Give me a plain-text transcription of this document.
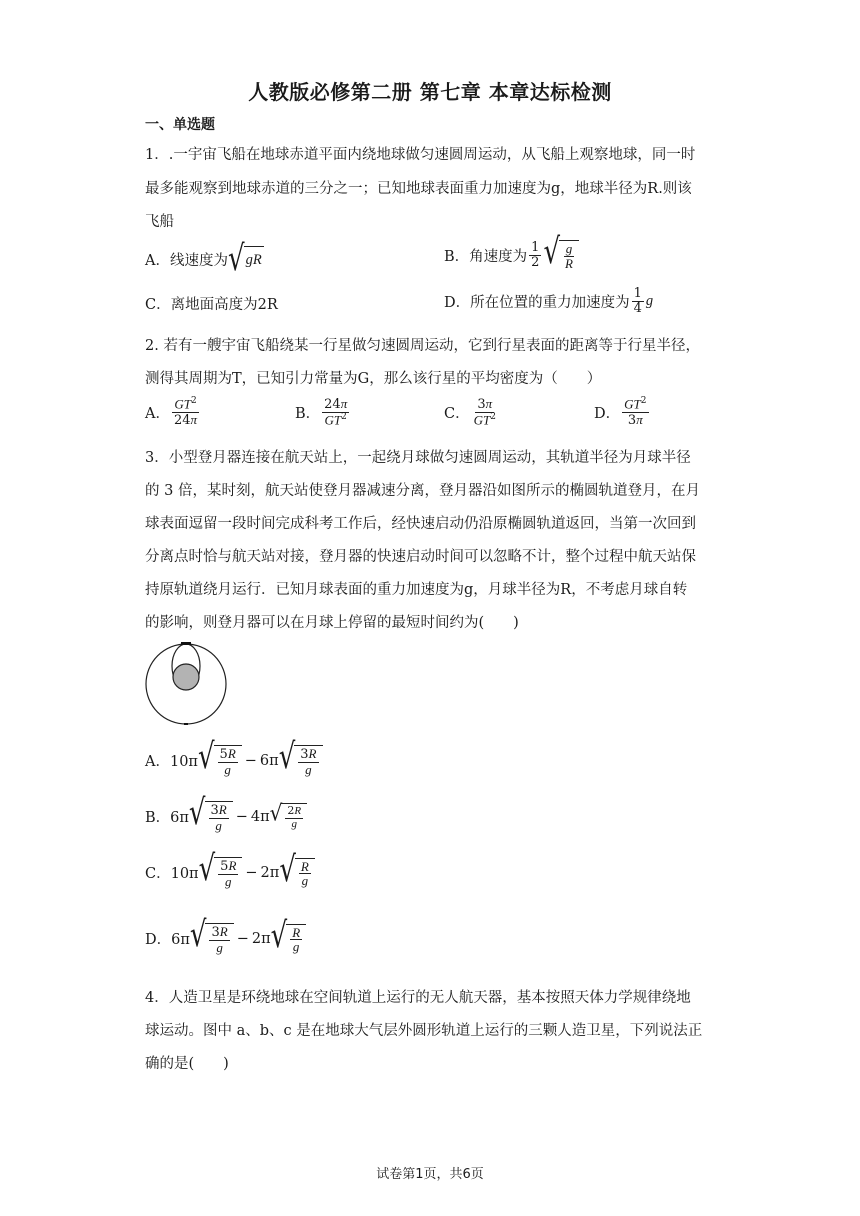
人教版必修第二册 第七章 本章达标检测
一、单选题
1．.一宇宙飞船在地球赤道平面内绕地球做匀速圆周运动，从飞船上观察地球，同一时
最多能观察到地球赤道的三分之一；已知地球表面重力加速度为g，地球半径为R.则该
飞船
A．线速度为 √ gR	B．角速度为 $\frac{1}{2}$ √ $\frac{g}{R}$
C．离地面高度为2R	D．所在位置的重力加速度为 $\frac{1}{4}$ g
2. 若有一艘宇宙飞船绕某一行星做匀速圆周运动，它到行星表面的距离等于行星半径，
测得其周期为T，已知引力常量为G，那么该行星的平均密度为（　　）
A． $\frac{GT^2}{24\pi}$	B． $\frac{24\pi}{GT^2}$	C． $\frac{3\pi}{GT^2}$	D． $\frac{GT^2}{3\pi}$
3．小型登月器连接在航天站上，一起绕月球做匀速圆周运动，其轨道半径为月球半径
的 3 倍，某时刻，航天站使登月器减速分离，登月器沿如图所示的椭圆轨道登月，在月
球表面逗留一段时间完成科考工作后，经快速启动仍沿原椭圆轨道返回，当第一次回到
分离点时恰与航天站对接，登月器的快速启动时间可以忽略不计，整个过程中航天站保
持原轨道绕月运行．已知月球表面的重力加速度为g，月球半径为R，不考虑月球自转
的影响，则登月器可以在月球上停留的最短时间约为(　　)
A．10π √ $\frac{5R}{g} - 6\pi$ √ $\frac{3R}{g}$
B．6π √ $\frac{3R}{g} - 4\pi$ √ $\frac{2R}{g}$
C．10π √ $\frac{5R}{g} - 2\pi$ √ $\frac{R}{g}$
D．6π √ $\frac{3R}{g} - 2\pi$ √ $\frac{R}{g}$
4．人造卫星是环绕地球在空间轨道上运行的无人航天器，基本按照天体力学规律绕地
球运动。图中 a、b、c 是在地球大气层外圆形轨道上运行的三颗人造卫星，下列说法正
确的是(　　)
试卷第1页，共6页
